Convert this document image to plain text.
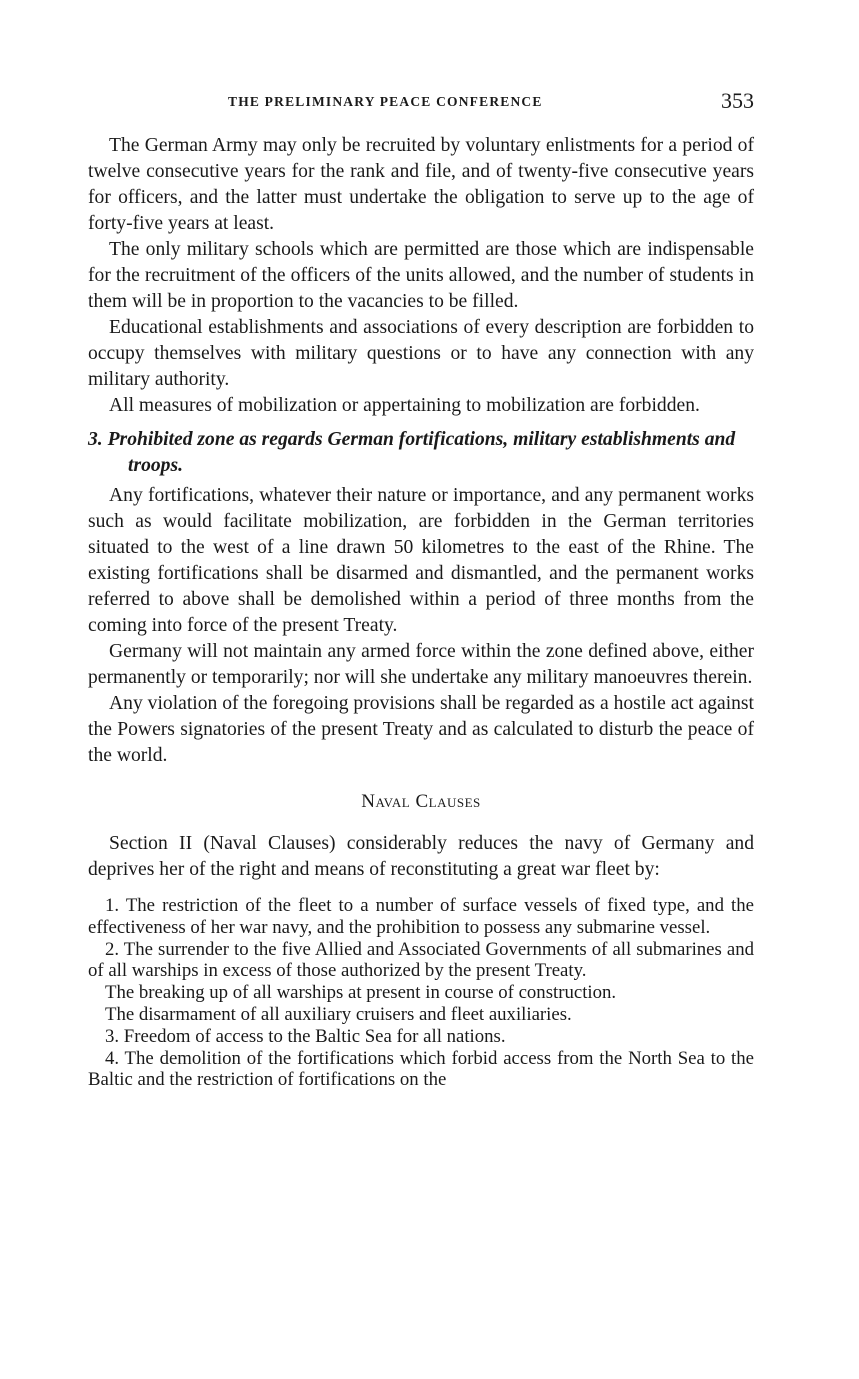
THE PRELIMINARY PEACE CONFERENCE	353

The German Army may only be recruited by voluntary enlistments for a period of twelve consecutive years for the rank and file, and of twenty-five consecutive years for officers, and the latter must undertake the obligation to serve up to the age of forty-five years at least.

The only military schools which are permitted are those which are indispensable for the recruitment of the officers of the units allowed, and the number of students in them will be in proportion to the vacancies to be filled.

Educational establishments and associations of every description are forbidden to occupy themselves with military questions or to have any connection with any military authority.

All measures of mobilization or appertaining to mobilization are forbidden.

3. Prohibited zone as regards German fortifications, military establishments and troops.

Any fortifications, whatever their nature or importance, and any permanent works such as would facilitate mobilization, are forbidden in the German territories situated to the west of a line drawn 50 kilometres to the east of the Rhine. The existing fortifications shall be disarmed and dismantled, and the permanent works referred to above shall be demolished within a period of three months from the coming into force of the present Treaty.

Germany will not maintain any armed force within the zone defined above, either permanently or temporarily; nor will she undertake any military manoeuvres therein.

Any violation of the foregoing provisions shall be regarded as a hostile act against the Powers signatories of the present Treaty and as calculated to disturb the peace of the world.

Naval Clauses

Section II (Naval Clauses) considerably reduces the navy of Germany and deprives her of the right and means of reconstituting a great war fleet by:

1. The restriction of the fleet to a number of surface vessels of fixed type, and the effectiveness of her war navy, and the prohibition to possess any submarine vessel.

2. The surrender to the five Allied and Associated Governments of all submarines and of all warships in excess of those authorized by the present Treaty.

The breaking up of all warships at present in course of construction.

The disarmament of all auxiliary cruisers and fleet auxiliaries.

3. Freedom of access to the Baltic Sea for all nations.

4. The demolition of the fortifications which forbid access from the North Sea to the Baltic and the restriction of fortifications on the
